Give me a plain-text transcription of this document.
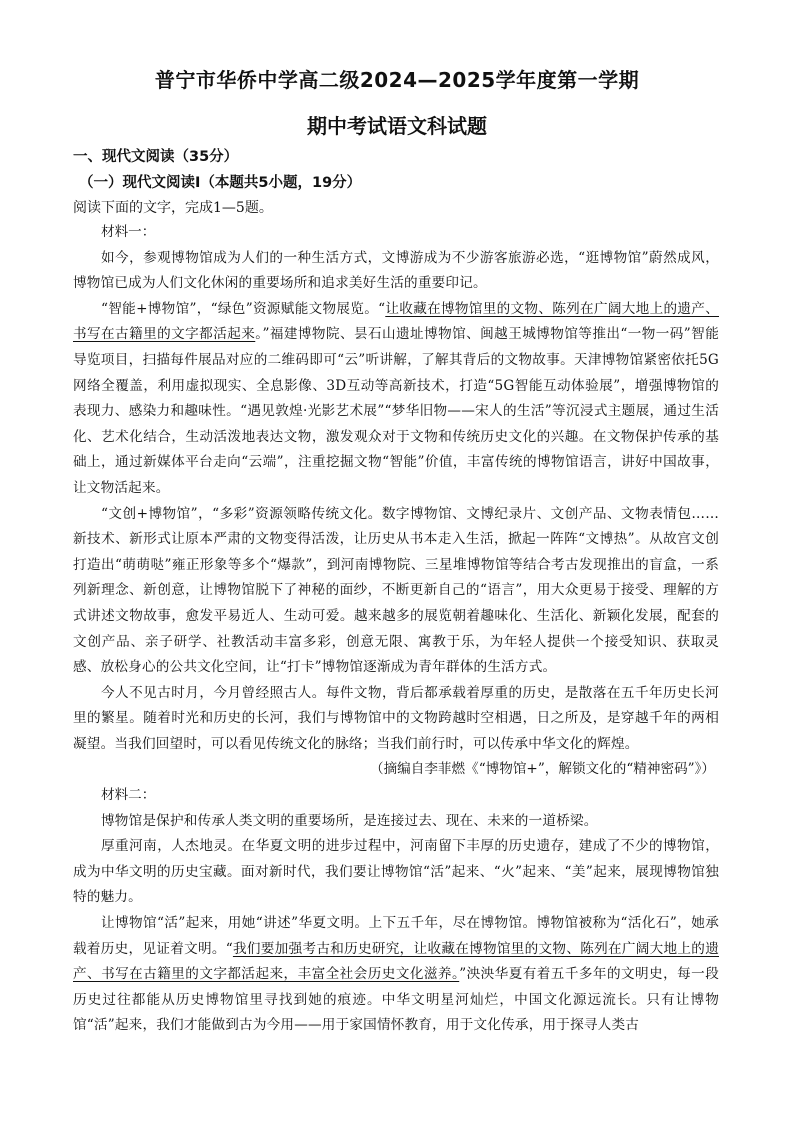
普宁市华侨中学高二级2024—2025学年度第一学期
期中考试语文科试题
一、现代文阅读（35分）
（一）现代文阅读Ⅰ（本题共5小题，19分）
阅读下面的文字，完成1—5题。

材料一：

如今，参观博物馆成为人们的一种生活方式，文博游成为不少游客旅游必选，“逛博物馆”蔚然成风，博物馆已成为人们文化休闲的重要场所和追求美好生活的重要印记。

“智能+博物馆”，“绿色”资源赋能文物展览。“让收藏在博物馆里的文物、陈列在广阔大地上的遗产、书写在古籍里的文字都活起来。”福建博物院、昙石山遗址博物馆、闽越王城博物馆等推出“一物一码”智能导览项目，扫描每件展品对应的二维码即可“云”听讲解，了解其背后的文物故事。天津博物馆紧密依托5G网络全覆盖，利用虚拟现实、全息影像、3D互动等高新技术，打造“5G智能互动体验展”，增强博物馆的表现力、感染力和趣味性。“遇见敦煌·光影艺术展”“梦华旧物——宋人的生活”等沉浸式主题展，通过生活化、艺术化结合，生动活泼地表达文物，激发观众对于文物和传统历史文化的兴趣。在文物保护传承的基础上，通过新媒体平台走向“云端”，注重挖掘文物“智能”价值，丰富传统的博物馆语言，讲好中国故事，让文物活起来。

“文创+博物馆”，“多彩”资源领略传统文化。数字博物馆、文博纪录片、文创产品、文物表情包……新技术、新形式让原本严肃的文物变得活泼，让历史从书本走入生活，掀起一阵阵“文博热”。从故宫文创打造出“萌萌哒”雍正形象等多个“爆款”，到河南博物院、三星堆博物馆等结合考古发现推出的盲盒，一系列新理念、新创意，让博物馆脱下了神秘的面纱，不断更新自己的“语言”，用大众更易于接受、理解的方式讲述文物故事，愈发平易近人、生动可爱。越来越多的展览朝着趣味化、生活化、新颖化发展，配套的文创产品、亲子研学、社教活动丰富多彩，创意无限、寓教于乐，为年轻人提供一个接受知识、获取灵感、放松身心的公共文化空间，让“打卡”博物馆逐渐成为青年群体的生活方式。

今人不见古时月，今月曾经照古人。每件文物，背后都承载着厚重的历史，是散落在五千年历史长河里的繁星。随着时光和历史的长河，我们与博物馆中的文物跨越时空相遇，日之所及，是穿越千年的两相凝望。当我们回望时，可以看见传统文化的脉络；当我们前行时，可以传承中华文化的辉煌。

（摘编自李菲燃《“博物馆+”，解锁文化的“精神密码”》）

材料二：

博物馆是保护和传承人类文明的重要场所，是连接过去、现在、未来的一道桥梁。

厚重河南，人杰地灵。在华夏文明的进步过程中，河南留下丰厚的历史遗存，建成了不少的博物馆，成为中华文明的历史宝藏。面对新时代，我们要让博物馆“活”起来、“火”起来、“美”起来，展现博物馆独特的魅力。

让博物馆“活”起来，用她“讲述”华夏文明。上下五千年，尽在博物馆。博物馆被称为“活化石”，她承载着历史，见证着文明。“我们要加强考古和历史研究，让收藏在博物馆里的文物、陈列在广阔大地上的遗产、书写在古籍里的文字都活起来，丰富全社会历史文化滋养。”泱泱华夏有着五千多年的文明史，每一段历史过往都能从历史博物馆里寻找到她的痕迹。中华文明星河灿烂，中国文化源远流长。只有让博物馆“活”起来，我们才能做到古为今用——用于家国情怀教育，用于文化传承，用于探寻人类古
